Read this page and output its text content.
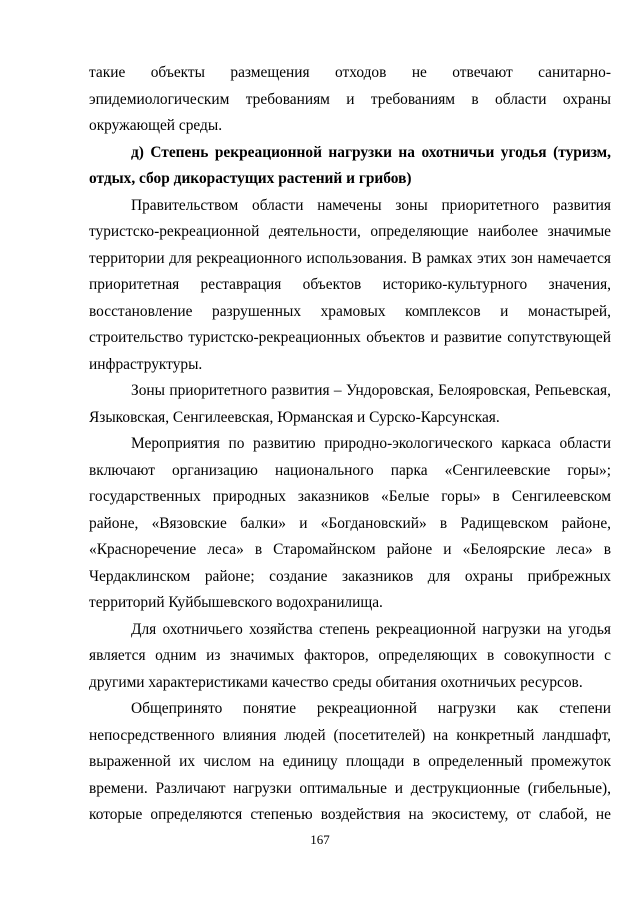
такие объекты размещения отходов не отвечают санитарно-

эпидемиологическим требованиям и требованиям в области охраны

окружающей среды.

д) Степень рекреационной нагрузки на охотничьи угодья (туризм,

отдых, сбор дикорастущих растений и грибов)

Правительством области намечены зоны приоритетного развития

туристско-рекреационной деятельности, определяющие наиболее значимые

территории для рекреационного использования. В рамках этих зон намечается

приоритетная реставрация объектов историко-культурного значения,

восстановление разрушенных храмовых комплексов и монастырей,

строительство туристско-рекреационных объектов и развитие сопутствующей

инфраструктуры.

Зоны приоритетного развития – Ундоровская, Белояровская, Репьевская,

Языковская, Сенгилеевская, Юрманская и Сурско-Карсунская.

Мероприятия по развитию природно-экологического каркаса области

включают организацию национального парка «Сенгилеевские горы»;

государственных природных заказников «Белые горы» в Сенгилеевском

районе, «Вязовские балки» и «Богдановский» в Радищевском районе,

«Красноречение леса» в Старомайнском районе и «Белоярские леса» в

Чердаклинском районе; создание заказников для охраны прибрежных

территорий Куйбышевского водохранилища.

Для охотничьего хозяйства степень рекреационной нагрузки на угодья

является одним из значимых факторов, определяющих в совокупности с

другими характеристиками качество среды обитания охотничьих ресурсов.

Общепринято понятие рекреационной нагрузки как степени

непосредственного влияния людей (посетителей) на конкретный ландшафт,

выраженной их числом на единицу площади в определенный промежуток

времени. Различают нагрузки оптимальные и деструкционные (гибельные),

которые определяются степенью воздействия на экосистему, от слабой, не

167
